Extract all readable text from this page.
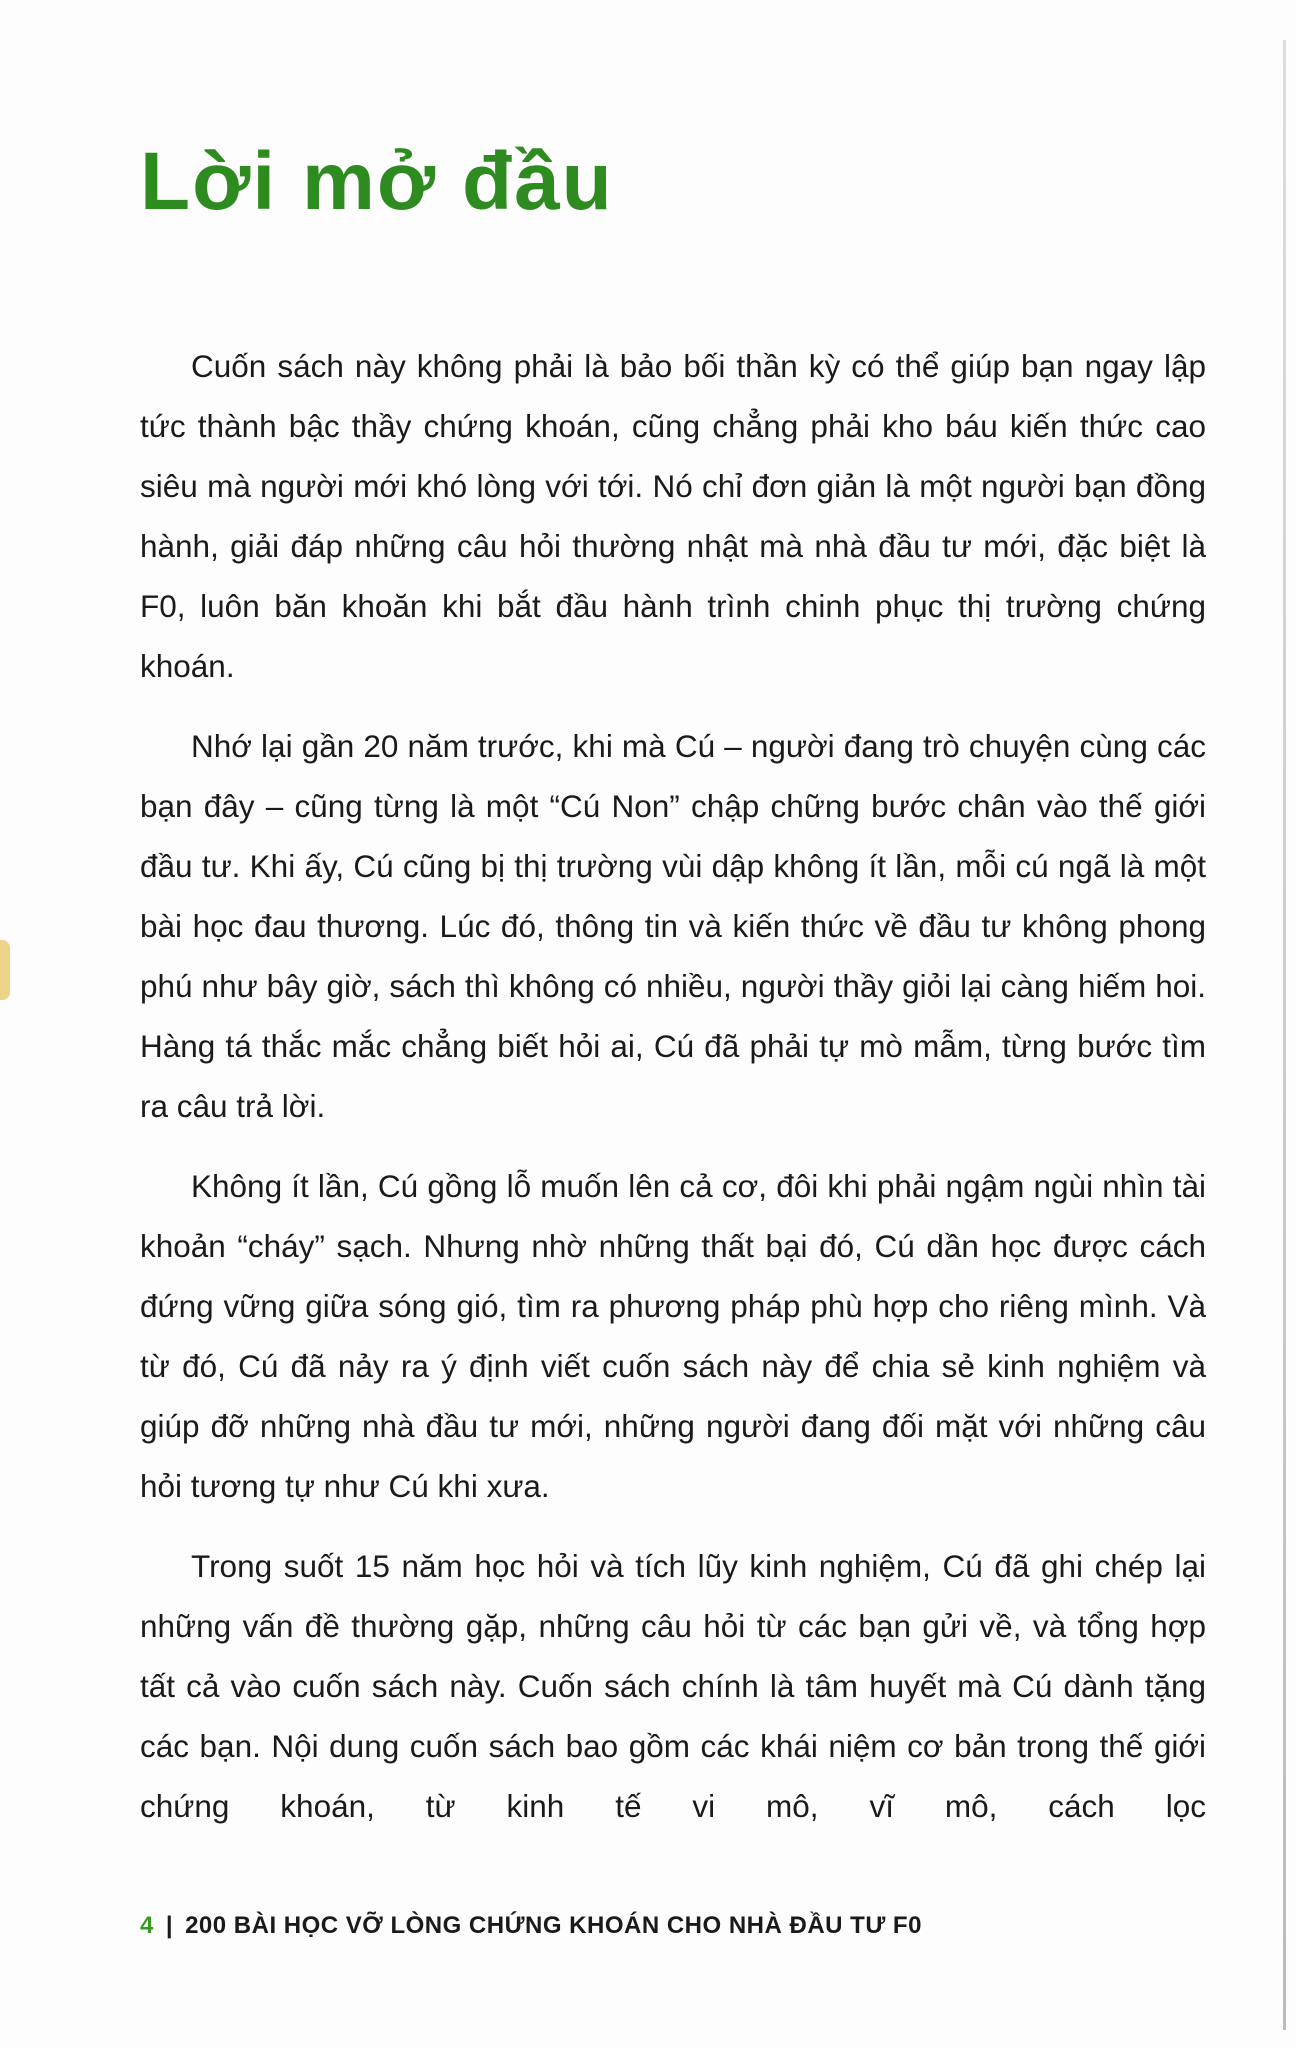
Lời mở đầu

Cuốn sách này không phải là bảo bối thần kỳ có thể giúp bạn ngay lập tức thành bậc thầy chứng khoán, cũng chẳng phải kho báu kiến thức cao siêu mà người mới khó lòng với tới. Nó chỉ đơn giản là một người bạn đồng hành, giải đáp những câu hỏi thường nhật mà nhà đầu tư mới, đặc biệt là F0, luôn băn khoăn khi bắt đầu hành trình chinh phục thị trường chứng khoán.

Nhớ lại gần 20 năm trước, khi mà Cú – người đang trò chuyện cùng các bạn đây – cũng từng là một “Cú Non” chập chững bước chân vào thế giới đầu tư. Khi ấy, Cú cũng bị thị trường vùi dập không ít lần, mỗi cú ngã là một bài học đau thương. Lúc đó, thông tin và kiến thức về đầu tư không phong phú như bây giờ, sách thì không có nhiều, người thầy giỏi lại càng hiếm hoi. Hàng tá thắc mắc chẳng biết hỏi ai, Cú đã phải tự mò mẫm, từng bước tìm ra câu trả lời.

Không ít lần, Cú gồng lỗ muốn lên cả cơ, đôi khi phải ngậm ngùi nhìn tài khoản “cháy” sạch. Nhưng nhờ những thất bại đó, Cú dần học được cách đứng vững giữa sóng gió, tìm ra phương pháp phù hợp cho riêng mình. Và từ đó, Cú đã nảy ra ý định viết cuốn sách này để chia sẻ kinh nghiệm và giúp đỡ những nhà đầu tư mới, những người đang đối mặt với những câu hỏi tương tự như Cú khi xưa.

Trong suốt 15 năm học hỏi và tích lũy kinh nghiệm, Cú đã ghi chép lại những vấn đề thường gặp, những câu hỏi từ các bạn gửi về, và tổng hợp tất cả vào cuốn sách này. Cuốn sách chính là tâm huyết mà Cú dành tặng các bạn. Nội dung cuốn sách bao gồm các khái niệm cơ bản trong thế giới chứng khoán, từ kinh tế vi mô, vĩ mô, cách lọc

4 | 200 BÀI HỌC VỠ LÒNG CHỨNG KHOÁN CHO NHÀ ĐẦU TƯ F0
